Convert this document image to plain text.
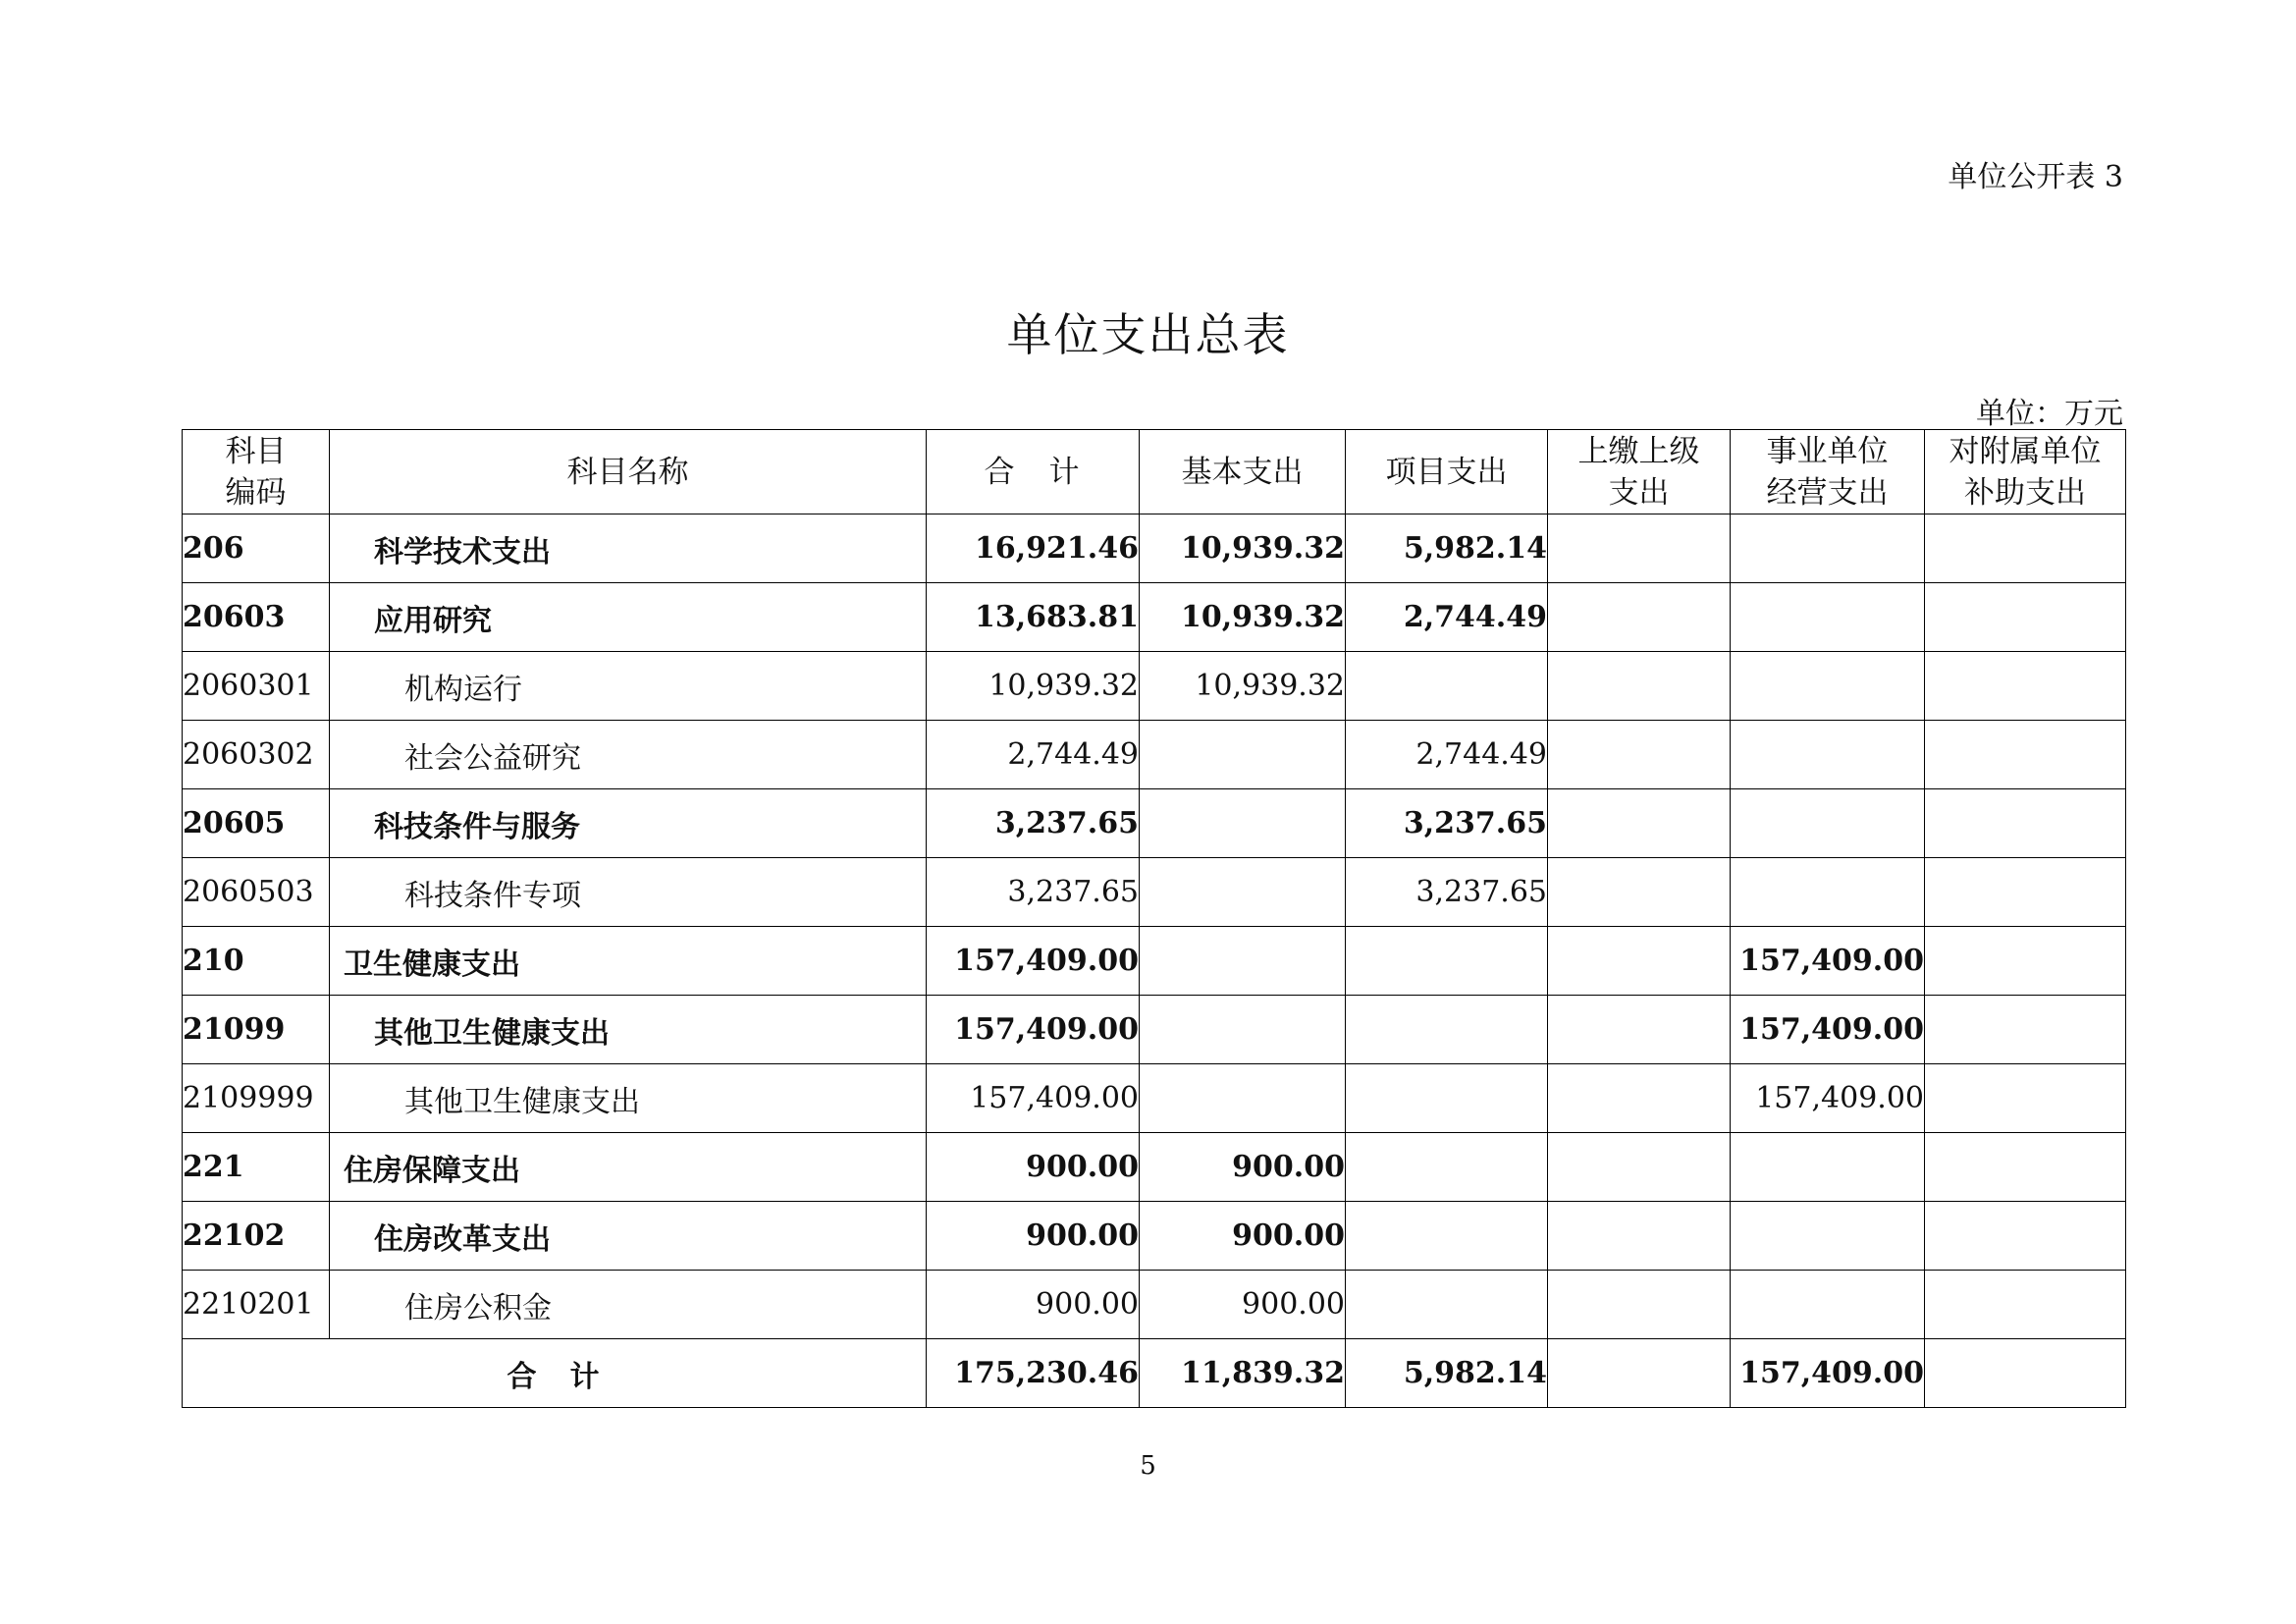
单位公开表 3
单位支出总表
单位：万元
科目编码	科目名称	合　计	基本支出	项目支出	上缴上级支出	事业单位经营支出	对附属单位补助支出
206	科学技术支出	16,921.46	10,939.32	5,982.14			
20603	应用研究	13,683.81	10,939.32	2,744.49			
2060301	机构运行	10,939.32	10,939.32				
2060302	社会公益研究	2,744.49		2,744.49			
20605	科技条件与服务	3,237.65		3,237.65			
2060503	科技条件专项	3,237.65		3,237.65			
210	卫生健康支出	157,409.00				157,409.00	
21099	其他卫生健康支出	157,409.00				157,409.00	
2109999	其他卫生健康支出	157,409.00				157,409.00	
221	住房保障支出	900.00	900.00				
22102	住房改革支出	900.00	900.00				
2210201	住房公积金	900.00	900.00				
合　计		175,230.46	11,839.32	5,982.14		157,409.00	
5
